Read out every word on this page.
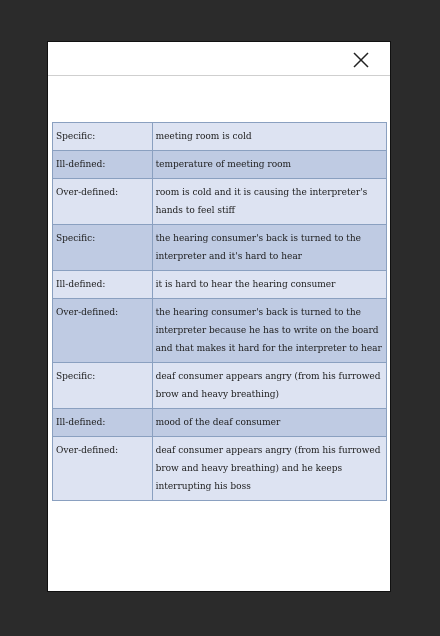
Specific:	meeting room is cold
Ill-defined:	temperature of meeting room
Over-defined:	room is cold and it is causing the interpreter's hands to feel stiff
Specific:	the hearing consumer's back is turned to the interpreter and it's hard to hear
Ill-defined:	it is hard to hear the hearing consumer
Over-defined:	the hearing consumer's back is turned to the interpreter because he has to write on the board and that makes it hard for the interpreter to hear
Specific:	deaf consumer appears angry (from his furrowed brow and heavy breathing)
Ill-defined:	mood of the deaf consumer
Over-defined:	deaf consumer appears angry (from his furrowed brow and heavy breathing) and he keeps interrupting his boss
